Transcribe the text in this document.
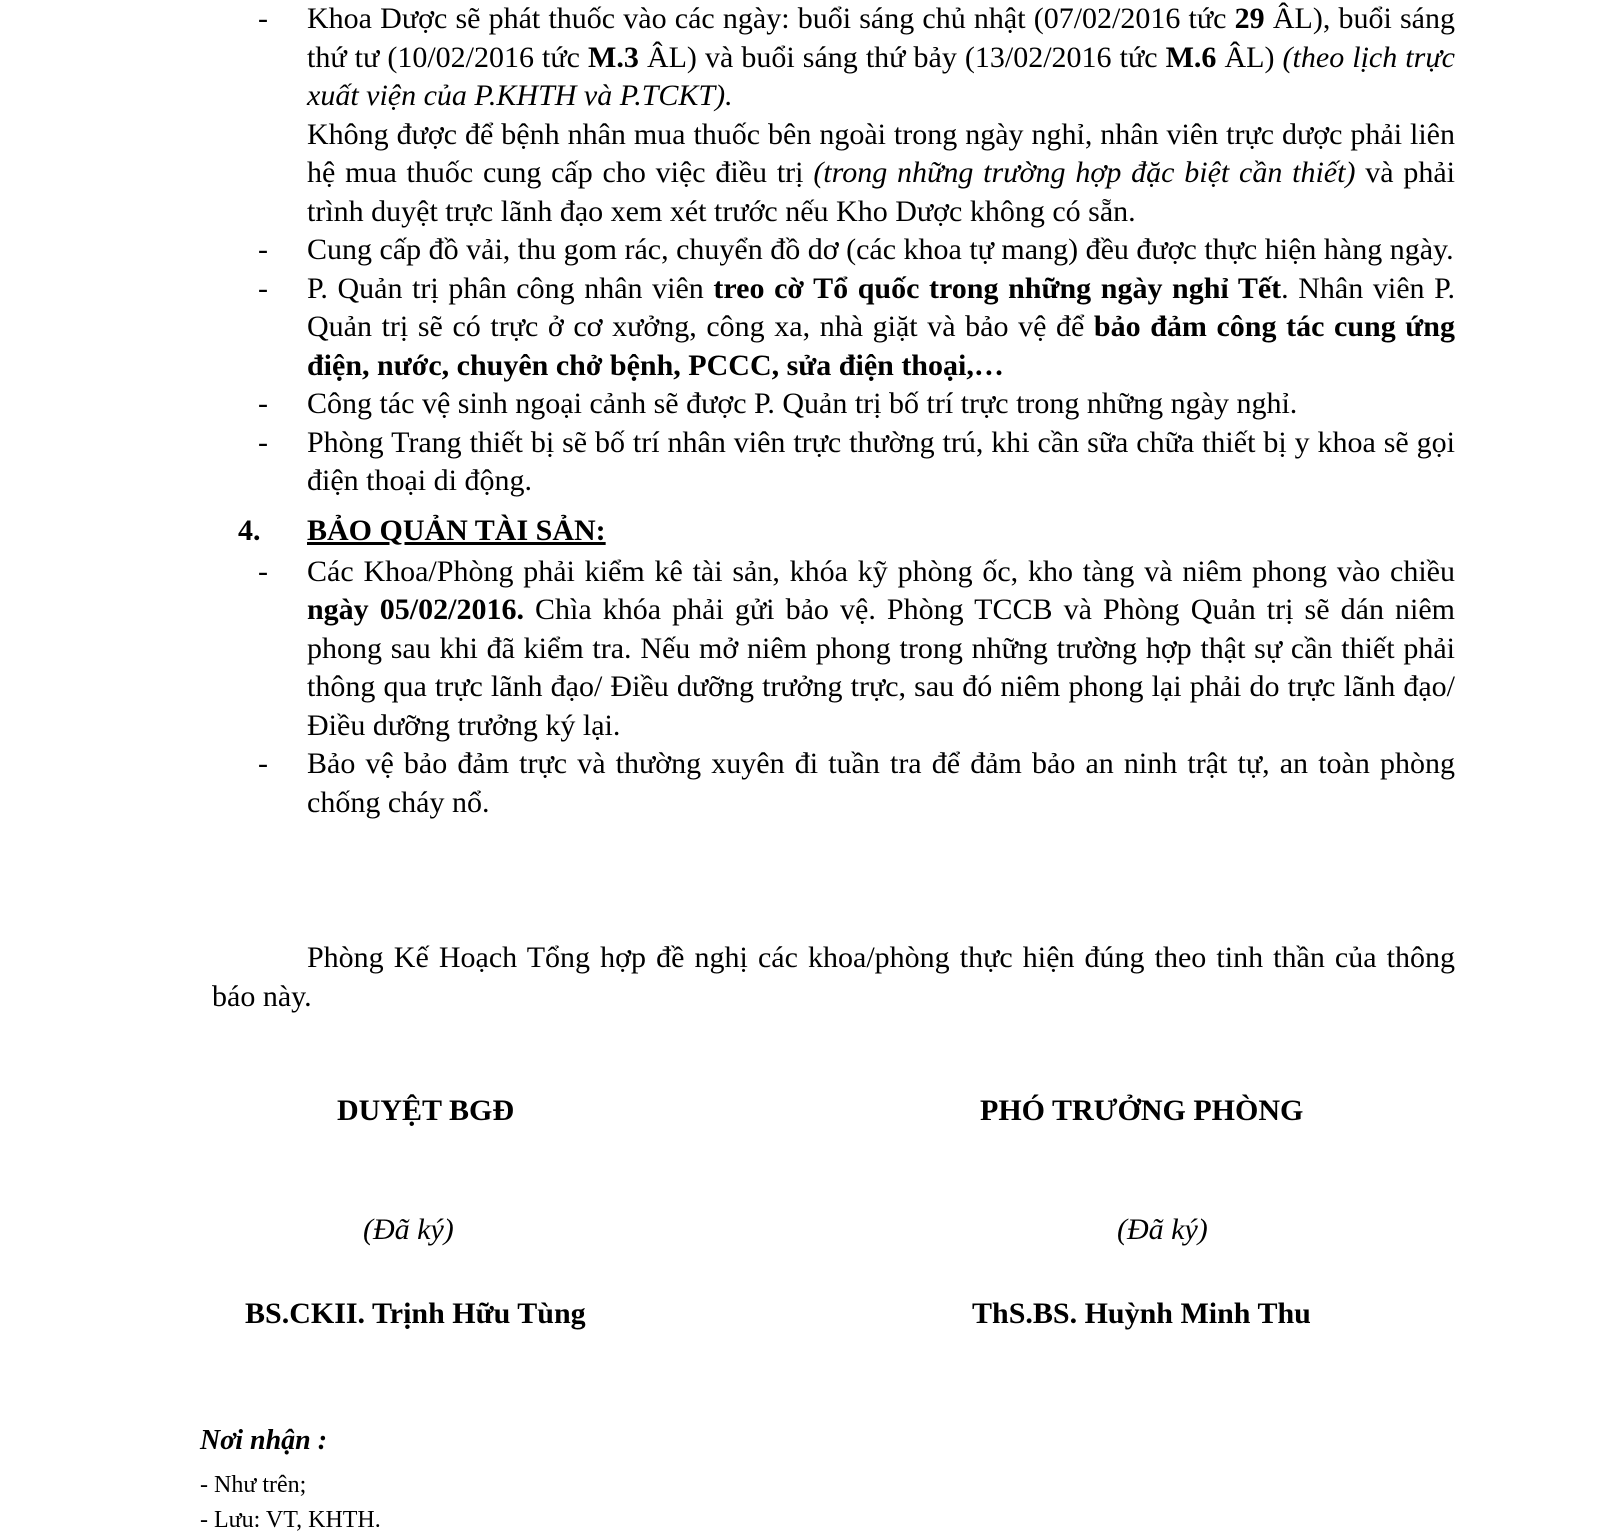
- Khoa Dược sẽ phát thuốc vào các ngày: buổi sáng chủ nhật (07/02/2016 tức 29 ÂL), buổi sáng thứ tư (10/02/2016 tức M.3 ÂL) và buổi sáng thứ bảy (13/02/2016 tức M.6 ÂL) (theo lịch trực xuất viện của P.KHTH và P.TCKT).
Không được để bệnh nhân mua thuốc bên ngoài trong ngày nghỉ, nhân viên trực dược phải liên hệ mua thuốc cung cấp cho việc điều trị (trong những trường hợp đặc biệt cần thiết) và phải trình duyệt trực lãnh đạo xem xét trước nếu Kho Dược không có sẵn.
- Cung cấp đồ vải, thu gom rác, chuyển đồ dơ (các khoa tự mang) đều được thực hiện hàng ngày.
- P. Quản trị phân công nhân viên treo cờ Tổ quốc trong những ngày nghỉ Tết. Nhân viên P. Quản trị sẽ có trực ở cơ xưởng, công xa, nhà giặt và bảo vệ để bảo đảm công tác cung ứng điện, nước, chuyên chở bệnh, PCCC, sửa điện thoại,…
- Công tác vệ sinh ngoại cảnh sẽ được P. Quản trị bố trí trực trong những ngày nghỉ.
- Phòng Trang thiết bị sẽ bố trí nhân viên trực thường trú, khi cần sữa chữa thiết bị y khoa sẽ gọi điện thoại di động.
4. BẢO QUẢN TÀI SẢN:
- Các Khoa/Phòng phải kiểm kê tài sản, khóa kỹ phòng ốc, kho tàng và niêm phong vào chiều ngày 05/02/2016. Chìa khóa phải gửi bảo vệ. Phòng TCCB và Phòng Quản trị sẽ dán niêm phong sau khi đã kiểm tra. Nếu mở niêm phong trong những trường hợp thật sự cần thiết phải thông qua trực lãnh đạo/ Điều dưỡng trưởng trực, sau đó niêm phong lại phải do trực lãnh đạo/ Điều dưỡng trưởng ký lại.
- Bảo vệ bảo đảm trực và thường xuyên đi tuần tra để đảm bảo an ninh trật tự, an toàn phòng chống cháy nổ.
Phòng Kế Hoạch Tổng hợp đề nghị các khoa/phòng thực hiện đúng theo tinh thần của thông báo này.
DUYỆT BGĐ
(Đã ký)
BS.CKII. Trịnh Hữu Tùng
PHÓ TRƯỞNG PHÒNG
(Đã ký)
ThS.BS. Huỳnh Minh Thu
Nơi nhận :
- Như trên;
- Lưu: VT, KHTH.
